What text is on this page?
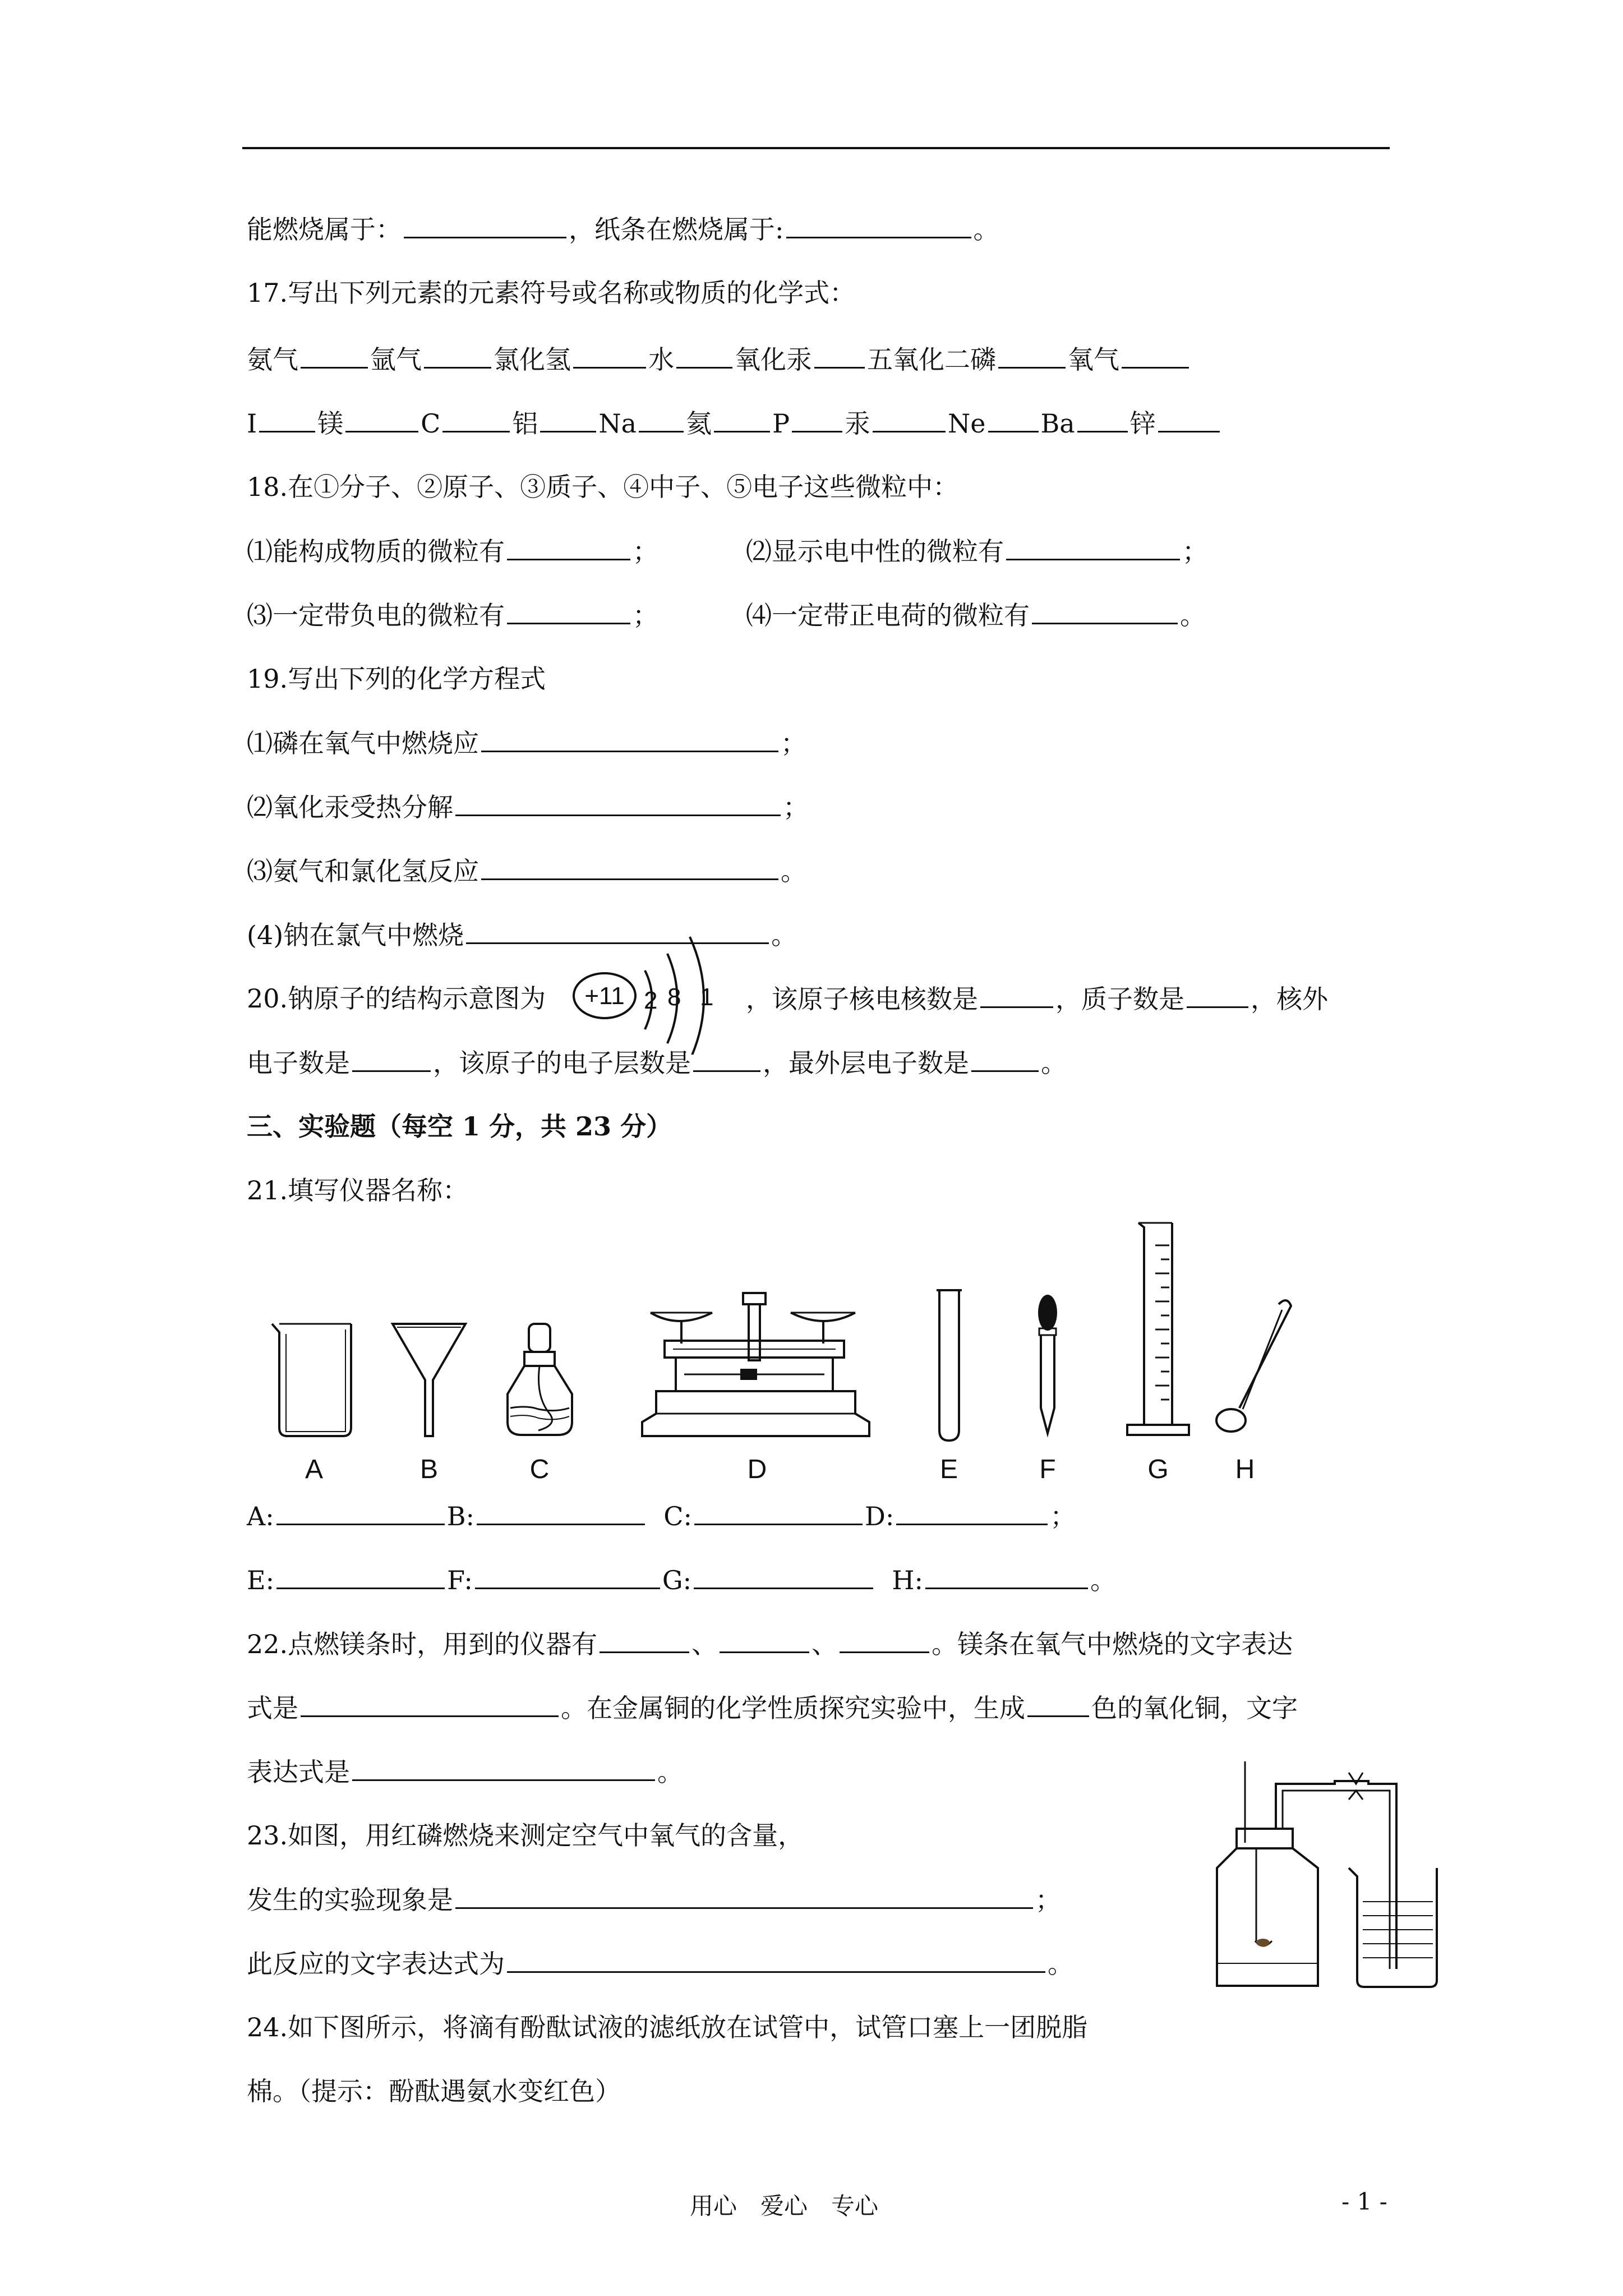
能燃烧属于：	，纸条在燃烧属于:	。
17.写出下列元素的元素符号或名称或物质的化学式：
氨气	氩气	氯化氢	水 氧化汞 五氧化二磷	氧气
I 镁	C	铝 Na 氦 P 汞	Ne Ba 锌
18.在①分子、②原子、③质子、④中子、⑤电子这些微粒中：
⑴能构成物质的微粒有	；	⑵显示电中性的微粒有	；
⑶一定带负电的微粒有	；	⑷一定带正电荷的微粒有	。
19.写出下列的化学方程式
⑴磷在氧气中燃烧应	；
⑵氧化汞受热分解	；
⑶氨气和氯化氢反应	。
(4)钠在氯气中燃烧	。
20.钠原子的结构示意图为 +11 2 8 1 ，该原子核电核数是	，质子数是	，核外
电子数是	，该原子的电子层数是	，最外层电子数是	。
三、实验题（每空 1 分，共 23 分）
21.填写仪器名称：
A	B	C	D	E	F	G H
A:	B:	C:	D:	；
E:	F:	G:	H:	。
22.点燃镁条时，用到的仪器有	、	、	。镁条在氧气中燃烧的文字表达
式是	。在金属铜的化学性质探究实验中，生成	色的氧化铜，文字
表达式是	。
23.如图，用红磷燃烧来测定空气中氧气的含量，
发生的实验现象是	；
此反应的文字表达式为	。
24.如下图所示，将滴有酚酞试液的滤纸放在试管中，试管口塞上一团脱脂
棉。（提示：酚酞遇氨水变红色）
用心　爱心　专心	- 1 -
